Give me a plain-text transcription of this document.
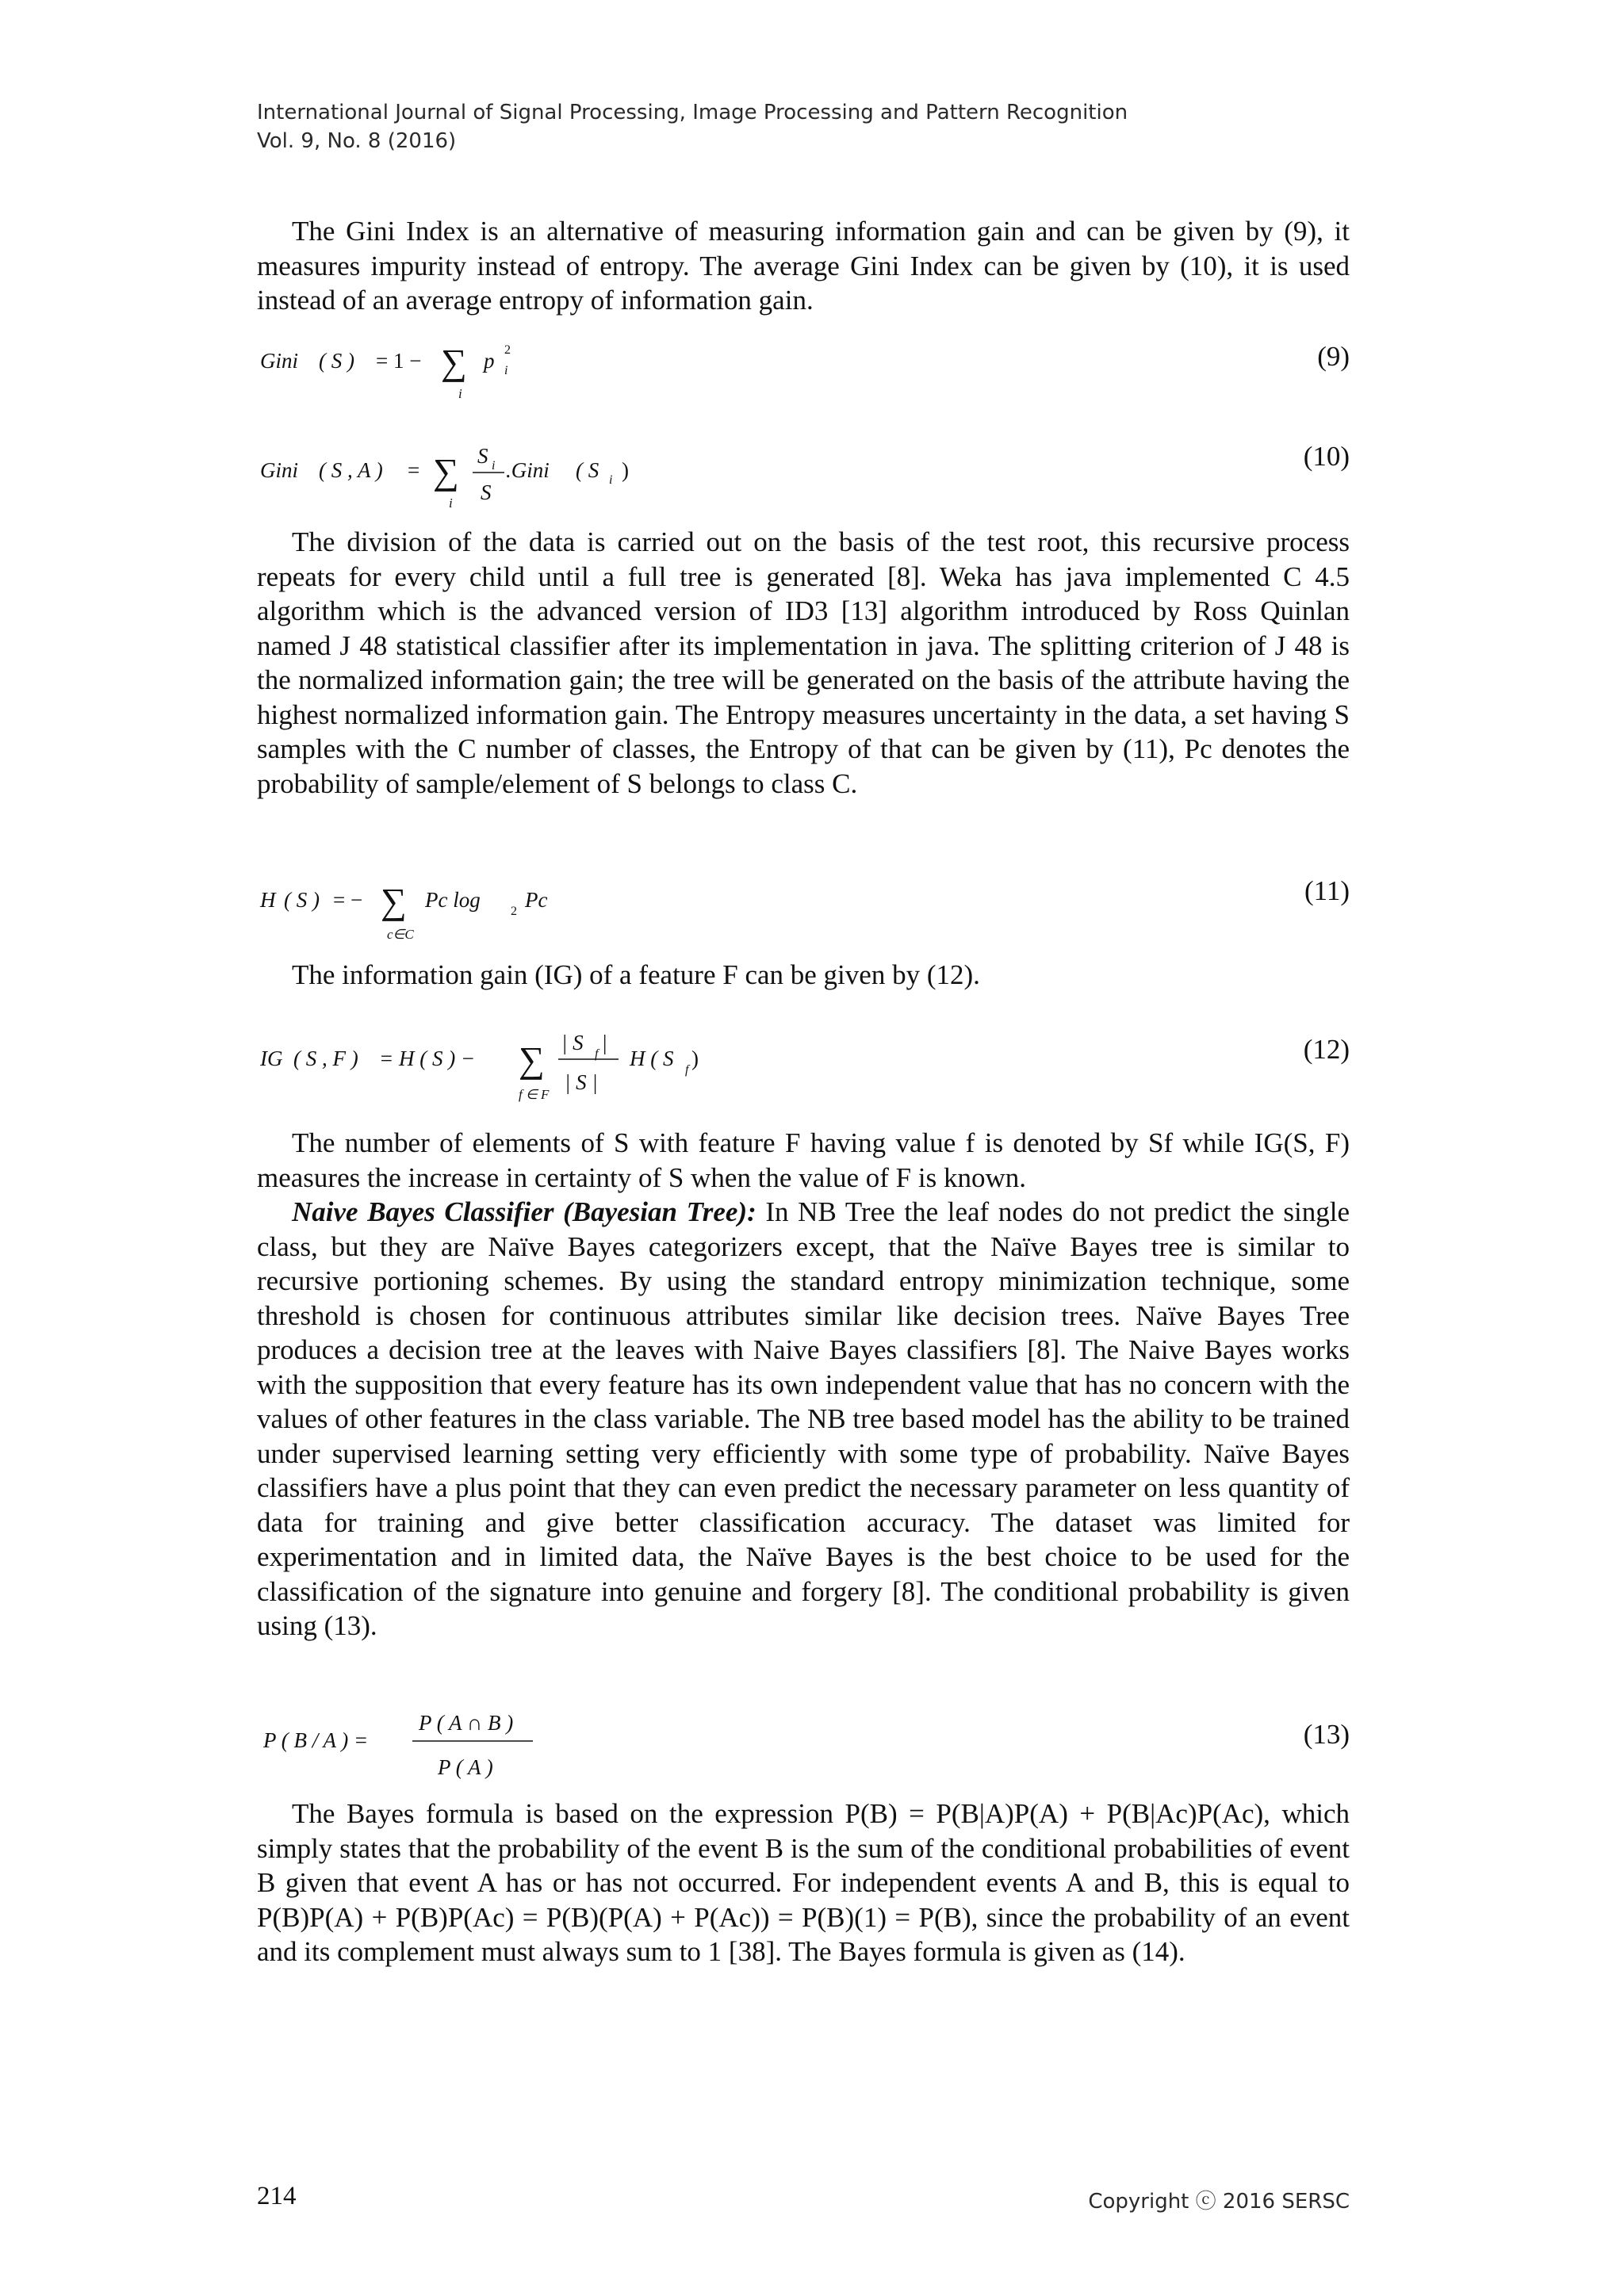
International Journal of Signal Processing, Image Processing and Pattern Recognition
Vol. 9, No. 8 (2016)

The Gini Index is an alternative of measuring information gain and can be given by (9), it measures impurity instead of entropy. The average Gini Index can be given by (10), it is used instead of an average entropy of information gain.

Gini ( S ) = 1 − ∑
i
p 2
i	(9)
Gini ( S , A ) = ∑
i
S i
S
.Gini ( S i )	(10)

The division of the data is carried out on the basis of the test root, this recursive process repeats for every child until a full tree is generated [8]. Weka has java implemented C 4.5 algorithm which is the advanced version of ID3 [13] algorithm introduced by Ross Quinlan named J 48 statistical classifier after its implementation in java. The splitting criterion of J 48 is the normalized information gain; the tree will be generated on the basis of the attribute having the highest normalized information gain. The Entropy measures uncertainty in the data, a set having S samples with the C number of classes, the Entropy of that can be given by (11), Pc denotes the probability of sample/element of S belongs to class C.

H ( S ) = − ∑
c∈C
Pc log 2 Pc	(11)

The information gain (IG) of a feature F can be given by (12).

IG ( S , F ) = H ( S ) − ∑
f ∈ F
| S f |
| S |
H ( S f )	(12)

The number of elements of S with feature F having value f is denoted by Sf while IG(S, F) measures the increase in certainty of S when the value of F is known.

Naive Bayes Classifier (Bayesian Tree): In NB Tree the leaf nodes do not predict the single class, but they are Naïve Bayes categorizers except, that the Naïve Bayes tree is similar to recursive portioning schemes. By using the standard entropy minimization technique, some threshold is chosen for continuous attributes similar like decision trees. Naïve Bayes Tree produces a decision tree at the leaves with Naive Bayes classifiers [8]. The Naive Bayes works with the supposition that every feature has its own independent value that has no concern with the values of other features in the class variable. The NB tree based model has the ability to be trained under supervised learning setting very efficiently with some type of probability. Naïve Bayes classifiers have a plus point that they can even predict the necessary parameter on less quantity of data for training and give better classification accuracy. The dataset was limited for experimentation and in limited data, the Naïve Bayes is the best choice to be used for the classification of the signature into genuine and forgery [8]. The conditional probability is given using (13).

P ( B / A ) =
P ( A ∩ B )
P ( A )
(13)

The Bayes formula is based on the expression P(B) = P(B|A)P(A) + P(B|Ac)P(Ac), which simply states that the probability of the event B is the sum of the conditional probabilities of event B given that event A has or has not occurred. For independent events A and B, this is equal to P(B)P(A) + P(B)P(Ac) = P(B)(P(A) + P(Ac)) = P(B)(1) = P(B), since the probability of an event and its complement must always sum to 1 [38]. The Bayes formula is given as (14).

214	Copyright ⓒ 2016 SERSC
